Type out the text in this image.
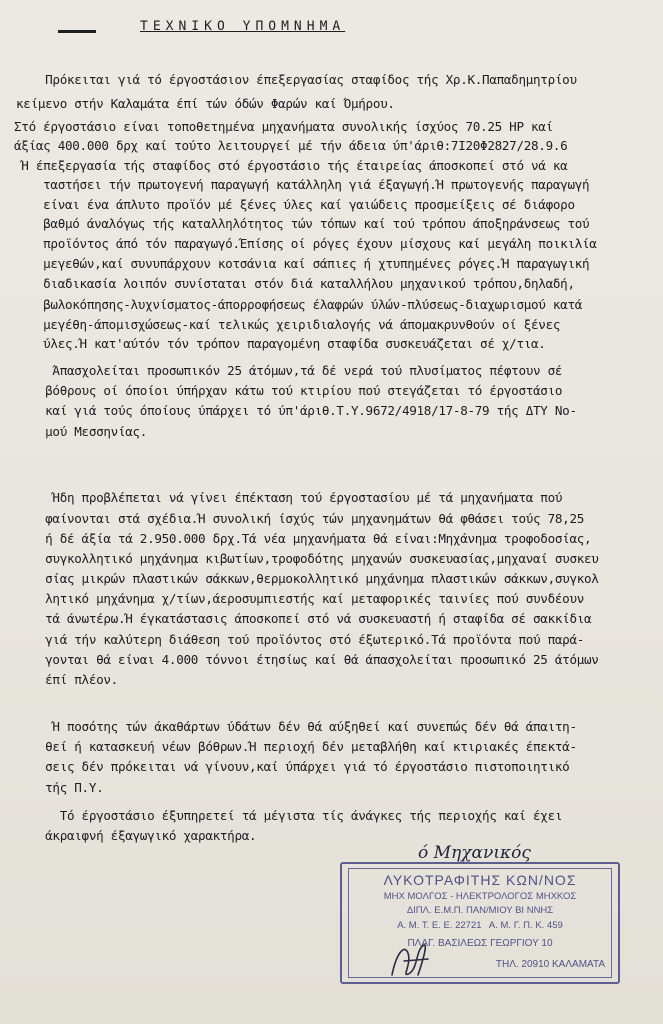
ΤΕΧΝΙΚΟ ΥΠΟΜΝΗΜΑ
Πρόκειται γιά τό έργοστάσιον έπεξεργασίας σταφίδος τής Χρ.Κ.Παπαδημητρίου
κείμενο στήν Καλαμάτα έπί τών όδών Φαρών καί Όμήρου.
Στό έργοστάσιο είναι τοποθετημένα μηχανήματα συνολικής ίσχύος 70.25 ΗΡ καί
άξίας 400.000 δρχ καί τούτο λειτουργεί μέ τήν άδεια ύπ'άριθ:7Ι20Φ2827/28.9.6
Ή έπεξεργασία τής σταφίδος στό έργοστάσιο τής έταιρείας άποσκοπεί στό νά κα
ταστήσει τήν πρωτογενή παραγωγή κατάλληλη γιά έξαγωγή.Ή πρωτογενής παραγωγή
είναι ένα άπλυτο προϊόν μέ ξένες ύλες καί γαιώδεις προσμείξεις σέ διάφορο
βαθμό άναλόγως τής καταλληλότητος τών τόπων καί τού τρόπου άποξηράνσεως τού
προϊόντος άπό τόν παραγωγό.Έπίσης οί ρόγες έχουν μίσχους καί μεγάλη ποικιλία
μεγεθών,καί συνυπάρχουν κοτσάνια καί σάπιες ή χτυπημένες ρόγες.Ή παραγωγική
διαδικασία λοιπόν συνίσταται στόν διά καταλλήλου μηχανικού τρόπου,δηλαδή,
βωλοκόπησης-λυχνίσματος-άπορροφήσεως έλαφρών ύλών-πλύσεως-διαχωρισμού κατά
μεγέθη-άπομισχώσεως-καί τελικώς χειριδιαλογής νά άπομακρυνθούν οί ξένες
ύλες.Ή κατ'αύτόν τόν τρόπον παραγομένη σταφίδα συσκευάζεται σέ χ/τια.
Άπασχολείται προσωπικόν 25 άτόμων,τά δέ νερά τού πλυσίματος πέφτουν σέ
βόθρους οί όποίοι ύπήρχαν κάτω τού κτιρίου πού στεγάζεται τό έργοστάσιο
καί γιά τούς όποίους ύπάρχει τό ύπ'άριθ.Τ.Υ.9672/4918/17-8-79 τής ΔΤΥ Νο-
μού Μεσσηνίας.
Ήδη προβλέπεται νά γίνει έπέκταση τού έργοστασίου μέ τά μηχανήματα πού
φαίνονται στά σχέδια.Ή συνολική ίσχύς τών μηχανημάτων θά φθάσει τούς 78,25
ή δέ άξία τά 2.950.000 δρχ.Τά νέα μηχανήματα θά είναι:Μηχάνημα τροφοδοσίας,
συγκολλητικό μηχάνημα κιβωτίων,τροφοδότης μηχανών συσκευασίας,μηχαναί συσκευ
σίας μικρών πλαστικών σάκκων,θερμοκολλητικό μηχάνημα πλαστικών σάκκων,συγκολ
λητικό μηχάνημα χ/τίων,άεροσυμπιεστής καί μεταφορικές ταινίες πού συνδέουν
τά άνωτέρω.Ή έγκατάστασις άποσκοπεί στό νά συσκευαστή ή σταφίδα σέ σακκίδια
γιά τήν καλύτερη διάθεση τού προϊόντος στό έξωτερικό.Τά προϊόντα πού παρά-
γονται θά είναι 4.000 τόννοι έτησίως καί θά άπασχολείται προσωπικό 25 άτόμων
έπί πλέον.
Ή ποσότης τών άκαθάρτων ύδάτων δέν θά αύξηθεί καί συνεπώς δέν θά άπαιτη-
θεί ή κατασκευή νέων βόθρων.Ή περιοχή δέν μεταβλήθη καί κτιριακές έπεκτά-
σεις δέν πρόκειται νά γίνουν,καί ύπάρχει γιά τό έργοστάσιο πιστοποιητικό
τής Π.Υ.
Τό έργοστάσιο έξυπηρετεί τά μέγιστα τίς άνάγκες τής περιοχής καί έχει
άκραιφνή έξαγωγικό χαρακτήρα.
ό Μηχανικός
ΛΥΚΟΤΡΑΦΙΤΗΣ ΚΩΝ/ΝΟΣ
ΜΗΧ ΜΟΛΓΟΣ - ΗΛΕΚΤΡΟΛΟΓΟΣ ΜΗΧΚΟΣ
ΔΙΠΛ. Ε.Μ.Π. ΠΑΝ/ΜΙΟΥ ΒΙ ΝΝΗΣ
Α. Μ. Τ. Ε. Ε. 22721   Α. Μ. Γ. Π. Κ. 459
ΠΛΑΓ. ΒΑΣΙΛΕΩΣ ΓΕΩΡΓΙΟΥ 10
ΤΗΛ. 20910 ΚΑΛΑΜΑΤΑ
